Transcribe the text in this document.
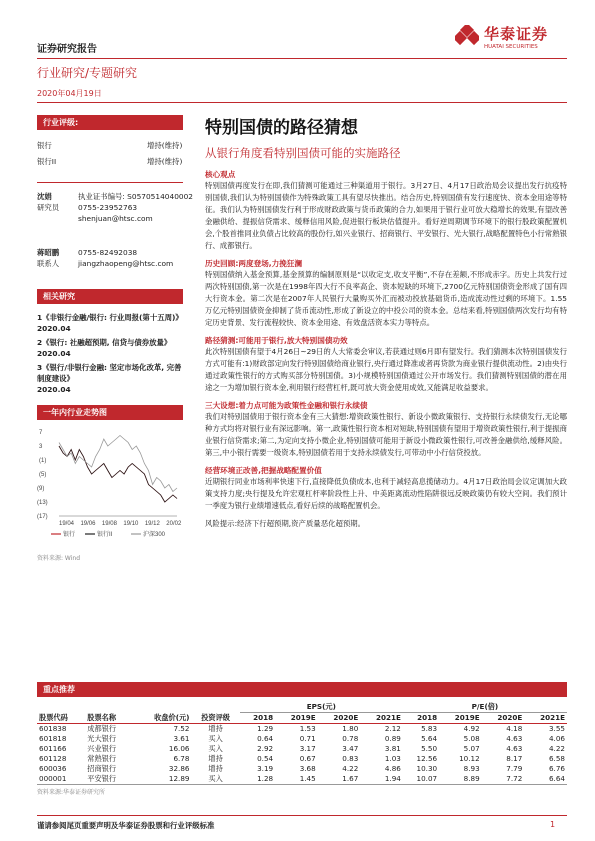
证券研究报告
华泰证券
HUATAI SECURITIES
行业研究/专题研究
2020年04月19日
行业评级:
银行	增持(维持)
银行II	增持(维持)
沈娟
研究员
执业证书编号: S0570514040002
0755-23952763
shenjuan@htsc.com
蒋昭鹏
联系人
0755-82492038
jiangzhaopeng@htsc.com
相关研究
1《非银行金融/银行: 行业周报(第十五周)》
2020.04
2《银行: 社融超预期, 信贷与债券放量》
2020.04
3《银行/非银行金融: 坚定市场化改革, 完善制度建设》
2020.04
一年内行业走势图
(5)
(1)
3
7
(9)
(13)
(17)
19/04 19/06 19/08 19/10 19/12 20/02
银行	银行II	沪深300
资料来源: Wind
特别国债的路径猜想
从银行角度看特别国债可能的实施路径
核心观点
特别国债再度发行在即,我们猜测可能通过三种渠道用于银行。3月27日、4月17日政治局会议提出发行抗疫特别国债,我们认为特别国债作为特殊政策工具有望尽快推出。结合历史,特别国债有发行速度快、资本金用途等特征。我们认为特别国债发行利于形成财政政策与货币政策的合力,如果用于银行业可放大稳增长的效果,有望改善金融供给、提振信贷需求、缓释信用风险,促进银行板块估值提升。看好逆周期调节环境下的银行股政策配置机会,个股首推同业负债占比较高的股份行,如兴业银行、招商银行、平安银行、光大银行,战略配置特色小行常熟银行、成都银行。
历史回顾:两度登场,力挽狂澜
特别国债纳入基金预算,基金预算的编制原则是“以收定支,收支平衡”,不存在差额,不形成赤字。历史上共发行过两次特别国债,第一次是在1998年四大行不良率高企、资本短缺的环境下,2700亿元特别国债资金形成了国有四大行资本金。第二次是在2007年人民银行大量购买外汇而被动投放基础货币,造成流动性过剩的环境下。1.55万亿元特别国债资金抑制了货币流动性,形成了新设立的中投公司的资本金。总结来看,特别国债两次发行均有特定历史背景、发行流程较快、资本金用途、有效盘活资本实力等特点。
路径猜测:可能用于银行,放大特别国债功效
此次特别国债有望于4月26日~29日的人大常委会审议,若获通过则6月即有望发行。我们猜测本次特别国债发行方式可能有:1)财政部定向发行特别国债给商业银行,央行通过降准或者再贷款为商业银行提供流动性。2)由央行通过政策性银行的方式购买部分特别国债。3)小规模特别国债通过公开市场发行。我们猜测特别国债的潜在用途之一为增加银行资本金,利用银行经营杠杆,既可放大资金使用成效,又能满足收益要求。
三大设想:着力点可能为政策性金融和银行永续债
我们对特别国债用于银行资本金有三大猜想:增资政策性银行、新设小微政策银行、支持银行永续债发行,无论哪种方式均将对银行业有深远影响。第一,政策性银行资本相对短缺,特别国债有望用于增资政策性银行,利于提振商业银行信贷需求;第二,为定向支持小微企业,特别国债可能用于新设小微政策性银行,可改善金融供给,缓释风险。第三,中小银行需要一级资本,特别国债若用于支持永续债发行,可带动中小行信贷投放。
经营环境正改善,把握战略配置价值
近期银行同业市场利率快速下行,直接降低负债成本,也利于减轻高息揽储动力。4月17日政治局会议定调加大政策支持力度;央行提及允许宏观杠杆率阶段性上升、中美距离流动性陷阱很远反映政策仍有较大空间。我们预计一季度为银行业绩增速低点,看好后续的战略配置机会。
风险提示:经济下行超预期,资产质量恶化超预期。
重点推荐
				EPS(元)				P/E(倍)			
股票代码	股票名称	收盘价(元)	投资评级	2018	2019E	2020E	2021E	2018	2019E	2020E	2021E
601838	成都银行	7.52	增持	1.29	1.53	1.80	2.12	5.83	4.92	4.18	3.55
601818	光大银行	3.61	买入	0.64	0.71	0.78	0.89	5.64	5.08	4.63	4.06
601166	兴业银行	16.06	买入	2.92	3.17	3.47	3.81	5.50	5.07	4.63	4.22
601128	常熟银行	6.78	增持	0.54	0.67	0.83	1.03	12.56	10.12	8.17	6.58
600036	招商银行	32.86	增持	3.19	3.68	4.22	4.86	10.30	8.93	7.79	6.76
000001	平安银行	12.89	买入	1.28	1.45	1.67	1.94	10.07	8.89	7.72	6.64
资料来源:华泰证券研究所
谨请参阅尾页重要声明及华泰证券股票和行业评级标准	1
